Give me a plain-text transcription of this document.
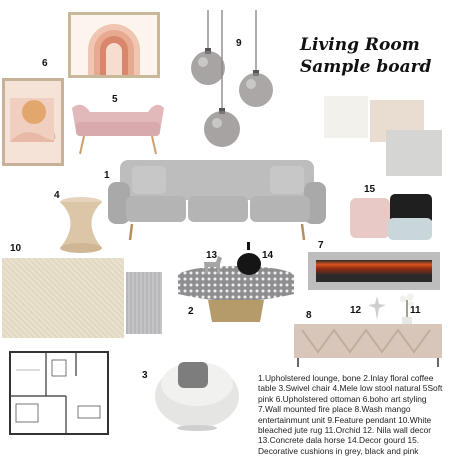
Living Room
Sample board
1
2
3
4
5
6
7
8
9
10
11
12
13	14
15
1.Upholstered lounge, bone 2.Inlay floral coffee table 3.Swivel chair 4.Mele low stool natural 5Soft pink 6.Upholstered ottoman 6.boho art styling 7.Wall mounted fire place 8.Wash mango entertainmunt unit 9.Feature pendant 10.White bleached jute rug 11.Orchid 12. Nila wall decor 13.Concrete dala horse 14.Decor gourd 15. Decorative cushions in grey, black and pink
